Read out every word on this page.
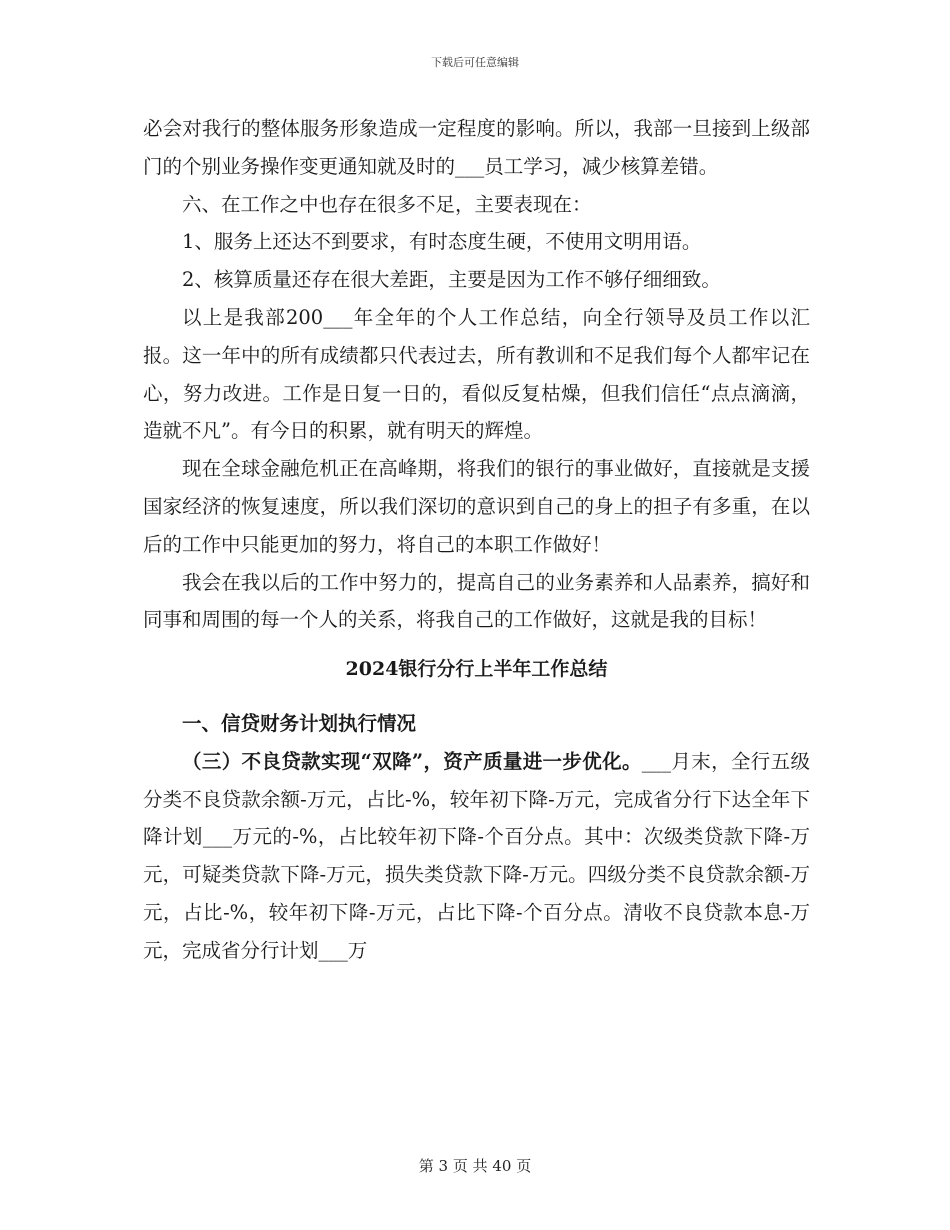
下载后可任意编辑

必会对我行的整体服务形象造成一定程度的影响。所以，我部一旦接到上级部门的个别业务操作变更通知就及时的___员工学习，减少核算差错。

六、在工作之中也存在很多不足，主要表现在：

1、服务上还达不到要求，有时态度生硬，不使用文明用语。

2、核算质量还存在很大差距，主要是因为工作不够仔细细致。

以上是我部200___年全年的个人工作总结，向全行领导及员工作以汇报。这一年中的所有成绩都只代表过去，所有教训和不足我们每个人都牢记在心，努力改进。工作是日复一日的，看似反复枯燥，但我们信任“点点滴滴，造就不凡”。有今日的积累，就有明天的辉煌。

现在全球金融危机正在高峰期，将我们的银行的事业做好，直接就是支援国家经济的恢复速度，所以我们深切的意识到自己的身上的担子有多重，在以后的工作中只能更加的努力，将自己的本职工作做好！

我会在我以后的工作中努力的，提高自己的业务素养和人品素养，搞好和同事和周围的每一个人的关系，将我自己的工作做好，这就是我的目标！

2024银行分行上半年工作总结

一、信贷财务计划执行情况

（三）不良贷款实现“双降”，资产质量进一步优化。___月末，全行五级分类不良贷款余额-万元，占比-%，较年初下降-万元，完成省分行下达全年下降计划___万元的-%，占比较年初下降-个百分点。其中：次级类贷款下降-万元，可疑类贷款下降-万元，损失类贷款下降-万元。四级分类不良贷款余额-万元，占比-%，较年初下降-万元，占比下降-个百分点。清收不良贷款本息-万元，完成省分行计划___万

第 3 页 共 40 页
